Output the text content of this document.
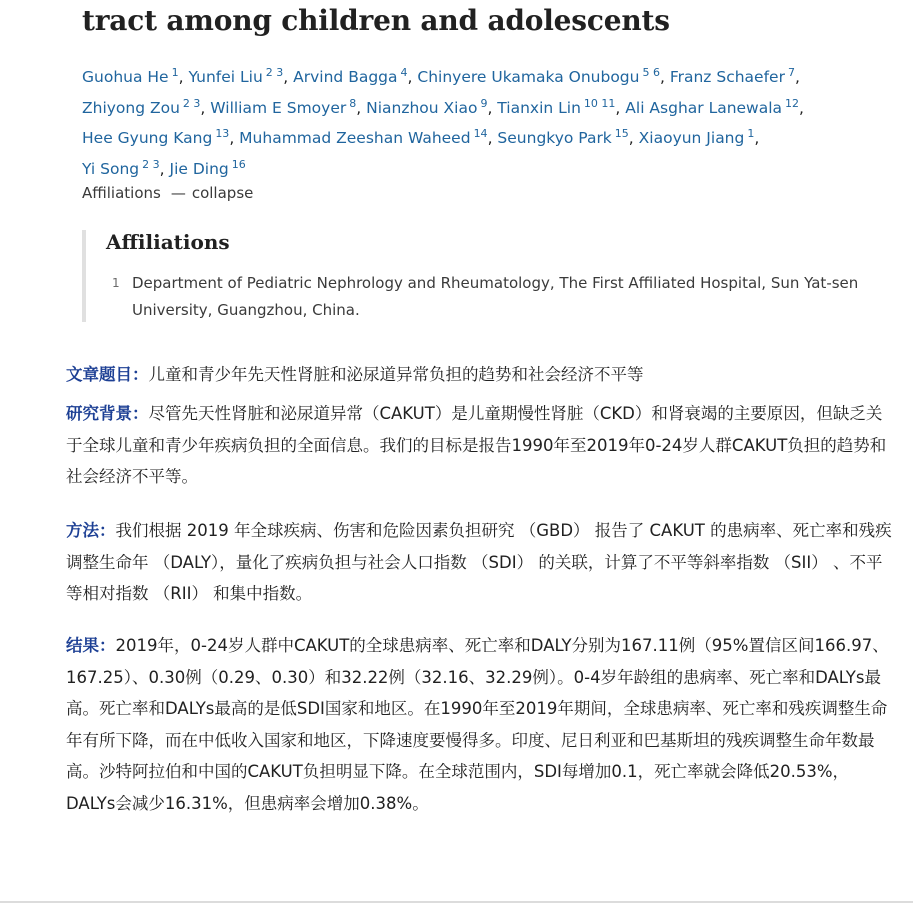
tract among children and adolescents
Guohua He $^1$, Yunfei Liu $^{2 3}$, Arvind Bagga $^4$, Chinyere Ukamaka Onubogu $^{5 6}$, Franz Schaefer $^7$,
Zhiyong Zou $^{2 3}$, William E Smoyer $^8$, Nianzhou Xiao $^9$, Tianxin Lin $^{10 11}$, Ali Asghar Lanewala $^{12}$,
Hee Gyung Kang $^{13}$, Muhammad Zeeshan Waheed $^{14}$, Seungkyo Park $^{15}$, Xiaoyun Jiang $^1$,
Yi Song $^{2 3}$, Jie Ding $^{16}$
Affiliations — collapse
Affiliations
1 Department of Pediatric Nephrology and Rheumatology, The First Affiliated Hospital, Sun Yat-sen University, Guangzhou, China.
文章题目：儿童和青少年先天性肾脏和泌尿道异常负担的趋势和社会经济不平等
研究背景：尽管先天性肾脏和泌尿道异常（CAKUT）是儿童期慢性肾脏（CKD）和肾衰竭的主要原因，但缺乏关于全球儿童和青少年疾病负担的全面信息。我们的目标是报告1990年至2019年0-24岁人群CAKUT负担的趋势和社会经济不平等。
方法：我们根据 2019 年全球疾病、伤害和危险因素负担研究 （GBD） 报告了 CAKUT 的患病率、死亡率和残疾调整生命年 （DALY），量化了疾病负担与社会人口指数 （SDI） 的关联，计算了不平等斜率指数 （SII） 、不平等相对指数 （RII） 和集中指数。
结果：2019年，0-24岁人群中CAKUT的全球患病率、死亡率和DALY分别为167.11例（95%置信区间166.97、167.25）、0.30例（0.29、0.30）和32.22例（32.16、32.29例）。0-4岁年龄组的患病率、死亡率和DALYs最高。死亡率和DALYs最高的是低SDI国家和地区。在1990年至2019年期间，全球患病率、死亡率和残疾调整生命年有所下降，而在中低收入国家和地区，下降速度要慢得多。印度、尼日利亚和巴基斯坦的残疾调整生命年数最高。沙特阿拉伯和中国的CAKUT负担明显下降。在全球范围内，SDI每增加0.1，死亡率就会降低20.53%，DALYs会减少16.31%，但患病率会增加0.38%。
